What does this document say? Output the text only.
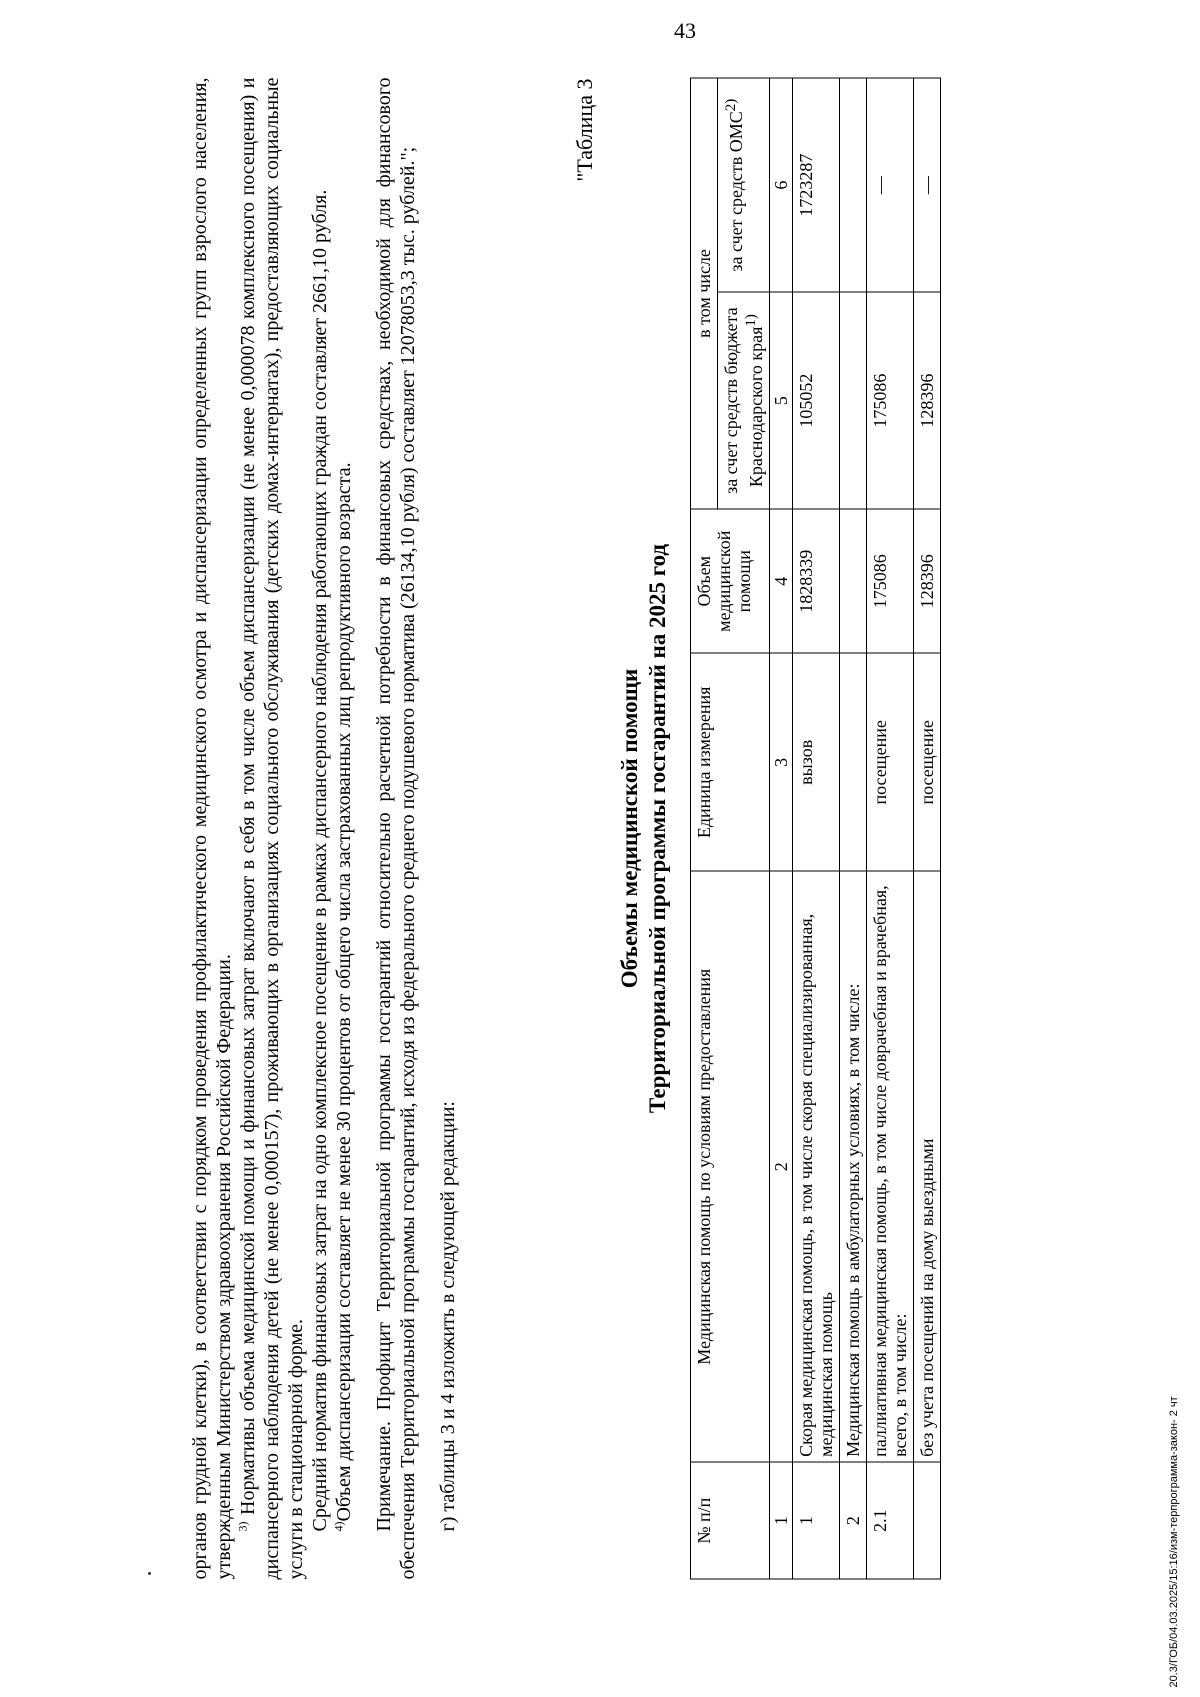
43
20.3/ГОБ/04.03.2025/15:16/изм-терпрограмма-закон- 2 чт

органов грудной клетки), в соответствии с порядком проведения профилактического медицинского осмотра и диспансеризации определенных групп взрослого населения, утвержденным Министерством здравоохранения Российской Федерации. $^{3)}$ Нормативы объема медицинской помощи и финансовых затрат включают в себя в том числе объем диспансеризации (не менее 0,000078 комплексного посещения) и диспансерного наблюдения детей (не менее 0,000157), проживающих в организациях социального обслуживания (детских домах-интернатах), предоставляющих социальные услуги в стационарной форме. Средний норматив финансовых затрат на одно комплексное посещение в рамках диспансерного наблюдения работающих граждан составляет 2661,10 рубля. $^{4)}$Объем диспансеризации составляет не менее 30 процентов от общего числа застрахованных лиц репродуктивного возраста. Примечание. Профицит Территориальной программы госгарантий относительно расчетной потребности в финансовых средствах, необходимой для финансового обеспечения Территориальной программы госгарантий, исходя из федерального среднего подушевого норматива (26134,10 рубля) составляет 12078053,3 тыс. рублей."; г) таблицы 3 и 4 изложить в следующей редакции:

"Таблица 3
Объемы медицинской помощи Территориальной программы госгарантий на 2025 год
№ п/п	Медицинская помощь по условиям предоставления	Единица измерения	Объем медицинской помощи	в том числе	
				за счет средств бюджета Краснодарского края$^{1)}$	за счет средств ОМС$^{2)}$
1	2	3	4	5	6
1	Скорая медицинская помощь, в том числе скорая специализированная, медицинская помощь	вызов	1828339	105052	1723287
2	Медицинская помощь в амбулаторных условиях, в том числе:				
2.1	паллиативная медицинская помощь, в том числе доврачебная и врачебная, всего, в том числе:	посещение	175086	175086	—
	без учета посещений на дому выездными	посещение	128396	128396	—
